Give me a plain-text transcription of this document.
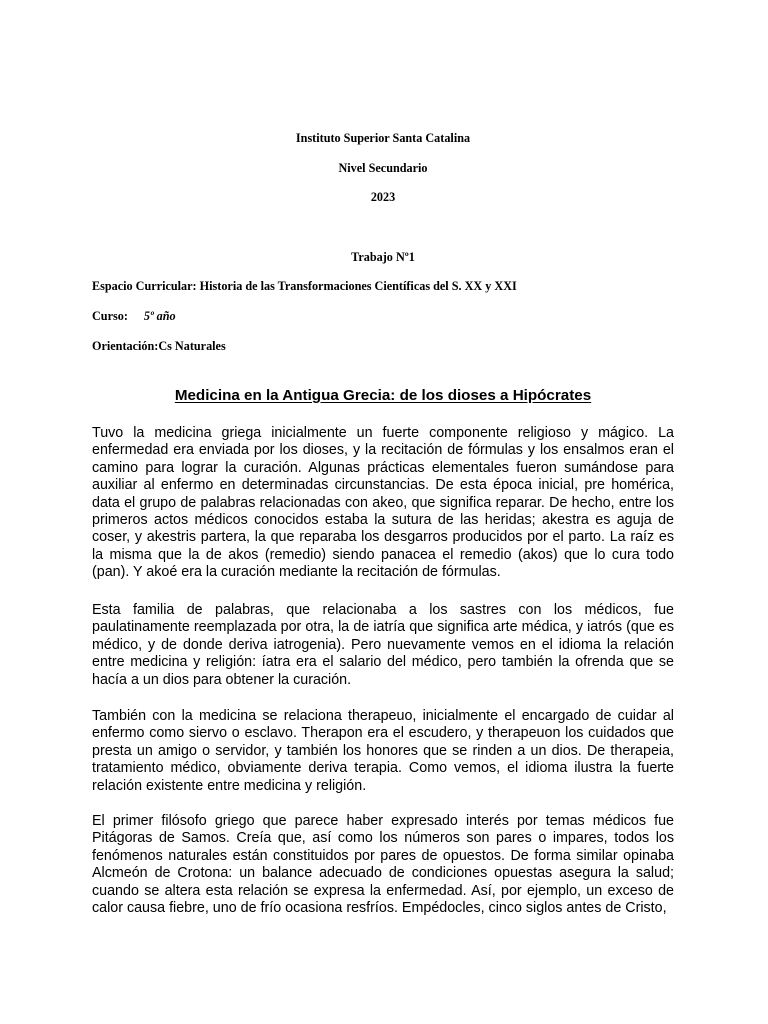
Instituto Superior Santa Catalina
Nivel Secundario
2023
Trabajo Nº1
Espacio Curricular: Historia de las Transformaciones Científicas del S. XX y XXI
Curso: 5º año
Orientación:Cs Naturales
Medicina en la Antigua Grecia: de los dioses a Hipócrates

Tuvo la medicina griega inicialmente un fuerte componente religioso y mágico. La enfermedad era enviada por los dioses, y la recitación de fórmulas y los ensalmos eran el camino para lograr la curación. Algunas prácticas elementales fueron sumándose para auxiliar al enfermo en determinadas circunstancias. De esta época inicial, pre homérica, data el grupo de palabras relacionadas con akeo, que significa reparar. De hecho, entre los primeros actos médicos conocidos estaba la sutura de las heridas; akestra es aguja de coser, y akestris partera, la que reparaba los desgarros producidos por el parto. La raíz es la misma que la de akos (remedio) siendo panacea el remedio (akos) que lo cura todo (pan). Y akoé era la curación mediante la recitación de fórmulas.

Esta familia de palabras, que relacionaba a los sastres con los médicos, fue paulatinamente reemplazada por otra, la de iatría que significa arte médica, y iatrós (que es médico, y de donde deriva iatrogenia). Pero nuevamente vemos en el idioma la relación entre medicina y religión: íatra era el salario del médico, pero también la ofrenda que se hacía a un dios para obtener la curación.

También con la medicina se relaciona therapeuo, inicialmente el encargado de cuidar al enfermo como siervo o esclavo. Therapon era el escudero, y therapeuon los cuidados que presta un amigo o servidor, y también los honores que se rinden a un dios. De therapeia, tratamiento médico, obviamente deriva terapia. Como vemos, el idioma ilustra la fuerte relación existente entre medicina y religión.

El primer filósofo griego que parece haber expresado interés por temas médicos fue Pitágoras de Samos. Creía que, así como los números son pares o impares, todos los fenómenos naturales están constituidos por pares de opuestos. De forma similar opinaba Alcmeón de Crotona: un balance adecuado de condiciones opuestas asegura la salud; cuando se altera esta relación se expresa la enfermedad. Así, por ejemplo, un exceso de calor causa fiebre, uno de frío ocasiona resfríos. Empédocles, cinco siglos antes de Cristo,
